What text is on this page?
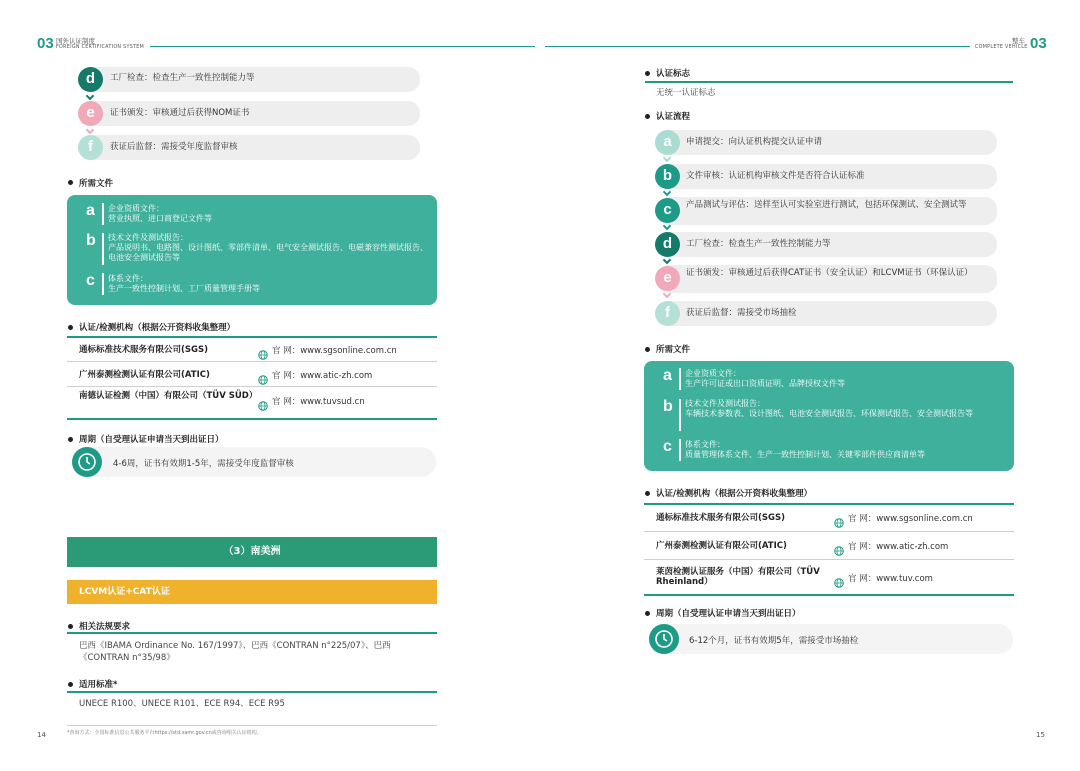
03 国外认证制度
FOREIGN CERTIFICATION SYSTEM
整车
COMPLETE VEHICLE 03
d	工厂检查：检查生产一致性控制能力等
e	证书颁发：审核通过后获得NOM证书
f	获证后监督：需接受年度监督审核
所需文件
a 企业资质文件：
营业执照、进口商登记文件等
b 技术文件及测试报告：
产品说明书、电路图、设计图纸、零部件清单、电气安全测试报告、电磁兼容性测试报告、电池安全测试报告等
c 体系文件：
生产一致性控制计划、工厂质量管理手册等
认证/检测机构（根据公开资料收集整理）
通标标准技术服务有限公司(SGS)	官 网：www.sgsonline.com.cn
广州泰测检测认证有限公司(ATIC)	官 网：www.atic-zh.com
南德认证检测（中国）有限公司（TÜV SÜD）
官 网：www.tuvsud.cn
周期（自受理认证申请当天到出证日）
4-6周，证书有效期1-5年，需接受年度监督审核
（3）南美洲
LCVM认证+CAT认证
相关法规要求
巴西《IBAMA Ordinance No. 167/1997》、巴西《CONTRAN n°225/07》、巴西《CONTRAN n°35/98》
适用标准*
UNECE R100、UNECE R101、ECE R94、ECE R95
*查询方式：全国标准信息公共服务平台https://std.samr.gov.cn或咨询相关认证机构。
14
认证标志
无统一认证标志
认证流程
a	申请提交：向认证机构提交认证申请
b	文件审核：认证机构审核文件是否符合认证标准
c	产品测试与评估：送样至认可实验室进行测试，包括环保测试、安全测试等
d	工厂检查：检查生产一致性控制能力等
e	证书颁发：审核通过后获得CAT证书（安全认证）和LCVM证书（环保认证）
f	获证后监督：需接受市场抽检
所需文件
a 企业资质文件：
生产许可证或出口资质证明、品牌授权文件等
b 技术文件及测试报告：
车辆技术参数表、设计图纸、电池安全测试报告、环保测试报告、安全测试报告等
c 体系文件：
质量管理体系文件、生产一致性控制计划、关键零部件供应商清单等
认证/检测机构（根据公开资料收集整理）
通标标准技术服务有限公司(SGS)	官 网：www.sgsonline.com.cn
广州泰测检测认证有限公司(ATIC)	官 网：www.atic-zh.com
莱茵检测认证服务（中国）有限公司（TÜV Rheinland）	官 网：www.tuv.com
周期（自受理认证申请当天到出证日）
6-12个月，证书有效期5年，需接受市场抽检
15
